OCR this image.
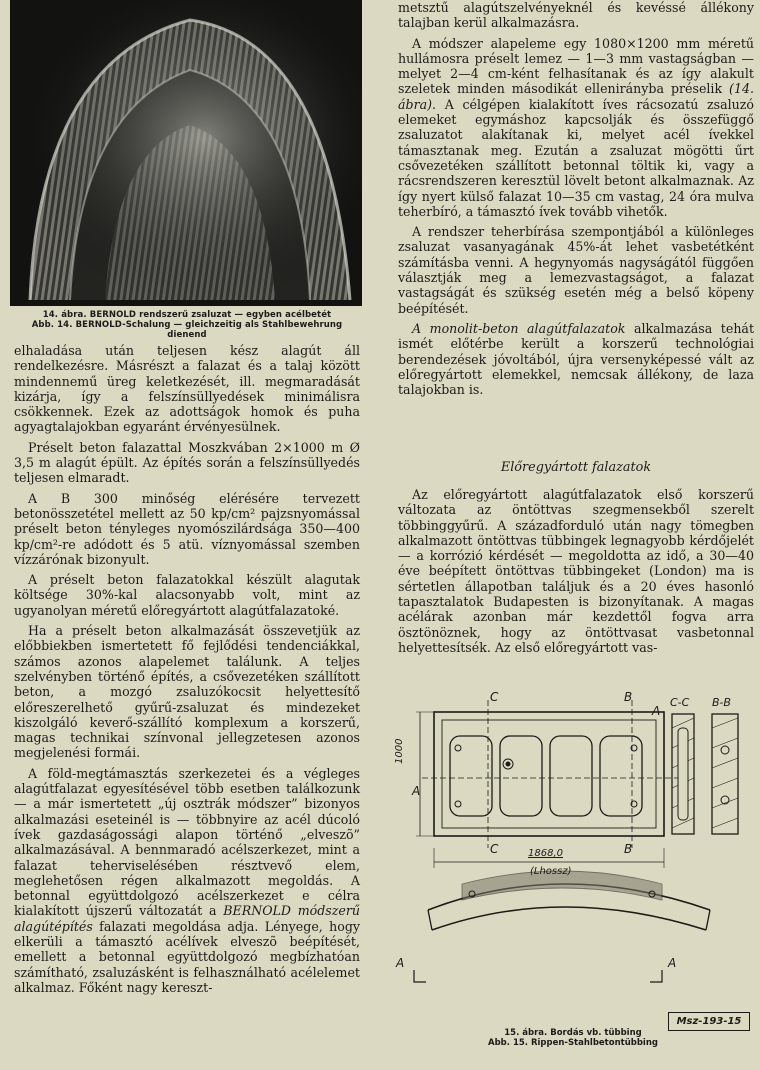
14. ábra. BERNOLD rendszerű zsaluzat — egyben acélbetét
Abb. 14. BERNOLD-Schalung — gleichzeitig als Stahlbewehrung
dienend

elhaladása után teljesen kész alagút áll rendelkezésre. Másrészt a falazat és a talaj között mindennemű üreg keletkezését, ill. megmaradását kizárja, így a felszínsüllyedések minimálisra csökkennek. Ezek az adottságok homok és puha agyagtalajokban egyaránt érvényesülnek.

Préselt beton falazattal Moszkvában 2×1000 m Ø 3,5 m alagút épült. Az építés során a felszínsüllyedés teljesen elmaradt.

A B 300 minőség elérésére tervezett betonösszetétel mellett az 50 kp/cm² pajzsnyomással préselt beton tényleges nyomószilárdsága 350—400 kp/cm²-re adódott és 5 atü. víznyomással szemben vízzárónak bizonyult.

A préselt beton falazatokkal készült alagutak költsége 30%-kal alacsonyabb volt, mint az ugyanolyan méretű előregyártott alagútfalazatoké.

Ha a préselt beton alkalmazását összevetjük az előbbiekben ismertetett fő fejlődési tendenciákkal, számos azonos alapelemet találunk. A teljes szelvényben történő építés, a csővezetéken szállított beton, a mozgó zsaluzókocsit helyettesítő előreszerelhető gyűrű-zsaluzat és mindezeket kiszolgáló keverő-szállító komplexum a korszerű, magas technikai színvonal jellegzetesen azonos megjelenési formái.

A föld-megtámasztás szerkezetei és a végleges alagútfalazat egyesítésével több esetben találkozunk — a már ismertetett „új osztrák módszer” bizonyos alkalmazási eseteinél is — többnyire az acél dúcoló ívek gazdaságossági alapon történő „elveszõ” alkalmazásával. A bennmaradó acélszerkezet, mint a falazat teherviselésében résztvevő elem, meglehetősen régen alkalmazott megoldás. A betonnal együttdolgozó acélszerkezet e célra kialakított újszerű változatát a BERNOLD módszerű alagútépítés falazati megoldása adja. Lényege, hogy elkerüli a támasztó acélívek elveszõ beépítését, emellett a betonnal együttdolgozó megbízhatóan számítható, zsaluzásként is felhasználható acélelemet alkalmaz. Főként nagy kereszt-

metsztű alagútszelvényeknél és kevéssé állékony talajban kerül alkalmazásra.

A módszer alapeleme egy 1080×1200 mm méretű hullámosra préselt lemez — 1—3 mm vastagságban — melyet 2—4 cm-ként felhasítanak és az így alakult szeletek minden másodikát ellenirányba préselik (14. ábra). A célgépen kialakított íves rácsozatú zsaluzó elemeket egymáshoz kapcsolják és összefüggő zsaluzatot alakítanak ki, melyet acél ívekkel támasztanak meg. Ezután a zsaluzat mögötti űrt csővezetéken szállított betonnal töltik ki, vagy a rácsrendszeren keresztül lövelt betont alkalmaznak. Az így nyert külső falazat 10—35 cm vastag, 24 óra mulva teherbíró, a támasztó ívek tovább vihetők.

A rendszer teherbírása szempontjából a különleges zsaluzat vasanyagának 45%-át lehet vasbetétként számításba venni. A hegynyomás nagyságától függően választják meg a lemezvastagságot, a falazat vastagságát és szükség esetén még a belső köpeny beépítését.

A monolit-beton alagútfalazatok alkalmazása tehát ismét előtérbe került a korszerű technológiai berendezések jóvoltából, újra versenyképessé vált az előregyártott elemekkel, nemcsak állékony, de laza talajokban is.

Előregyártott falazatok

Az előregyártott alagútfalazatok első korszerű változata az öntöttvas szegmensekből szerelt többinggyűrű. A századforduló után nagy tömegben alkalmazott öntöttvas tübbingek legnagyobb kérdőjelét — a korrózió kérdését — megoldotta az idő, a 30—40 éve beépített öntöttvas tübbingeket (London) ma is sértetlen állapotban találjuk és a 20 éves hasonló tapasztalatok Budapesten is bizonyítanak. A magas acélárak azonban már kezdettől fogva arra ösztönöznek, hogy az öntöttvasat vasbetonnal helyettesítsék. Az első előregyártott vas-

A
A
A	A
C
C
B
B
1000
1868,0
(Lhossz)
C-C B-B
Msz-193-15
15. ábra. Bordás vb. tübbing
Abb. 15. Rippen-Stahlbetontübbing
